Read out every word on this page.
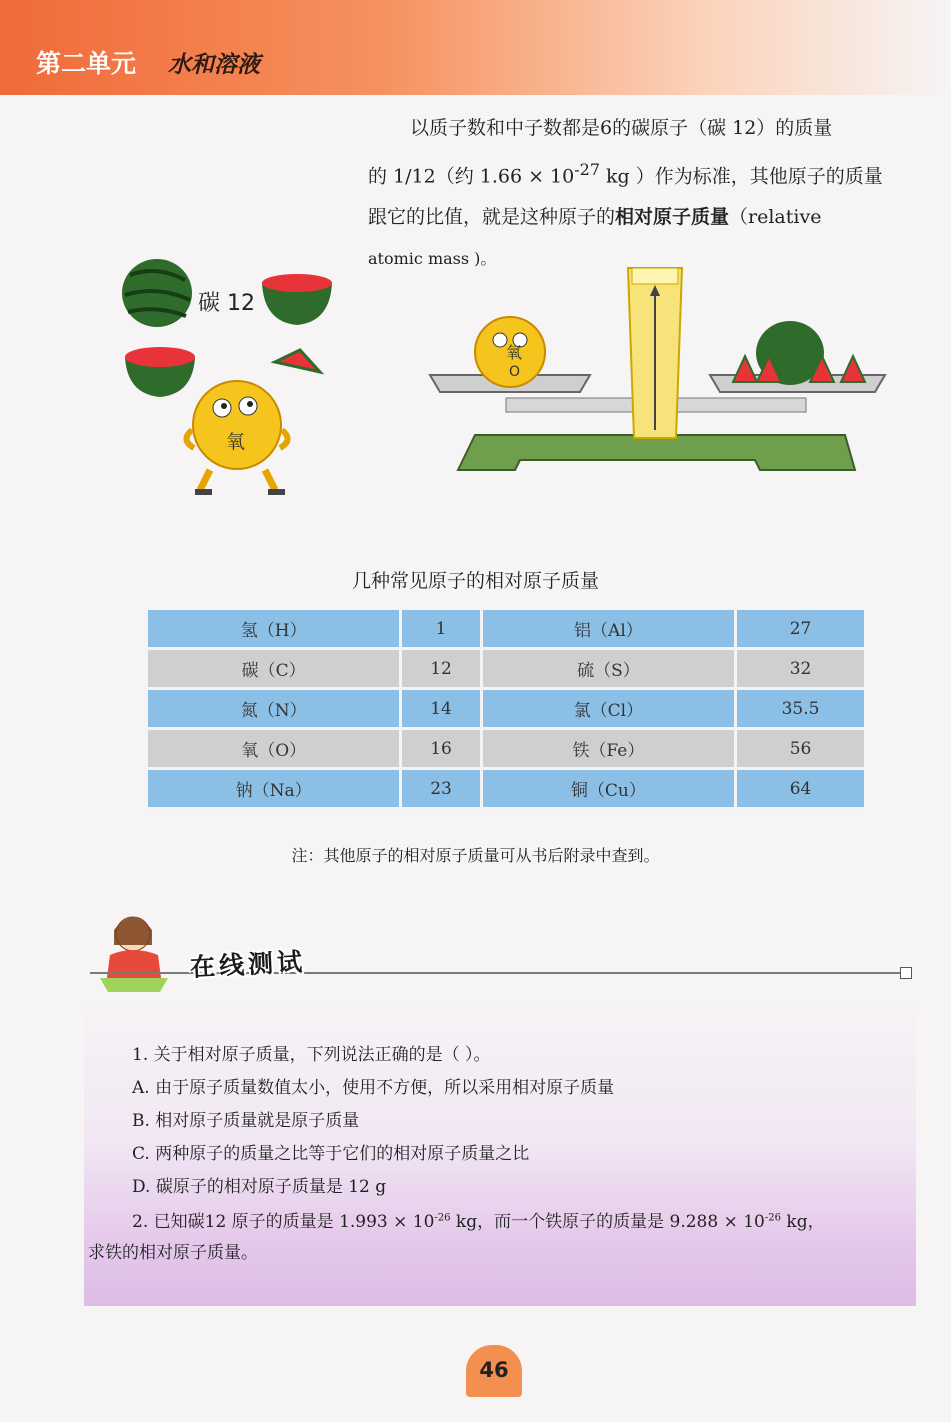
第二单元 水和溶液
以质子数和中子数都是6的碳原子（碳 12）的质量
的 1/12（约 $1.66 \times 10^{-27}$ kg ）作为标准，其他原子的质量
跟它的比值，就是这种原子的相对原子质量（relative
atomic mass )。
氧
氧
O
碳 12
几种常见原子的相对原子质量
氢（H）	1	铝（Al）	27
碳（C）	12	硫（S）	32
氮（N）	14	氯（Cl）	35.5
氧（O）	16	铁（Fe）	56
钠（Na）	23	铜（Cu）	64
注：其他原子的相对原子质量可从书后附录中查到。
在线测试
1. 关于相对原子质量，下列说法正确的是（ ）。
A. 由于原子质量数值太小，使用不方便，所以采用相对原子质量
B. 相对原子质量就是原子质量
C. 两种原子的质量之比等于它们的相对原子质量之比
D. 碳原子的相对原子质量是 12 g
2. 已知碳12 原子的质量是 $1.993 \times 10^{-26}$ kg，而一个铁原子的质量是 $9.288 \times 10^{-26}$ kg，
求铁的相对原子质量。
46
